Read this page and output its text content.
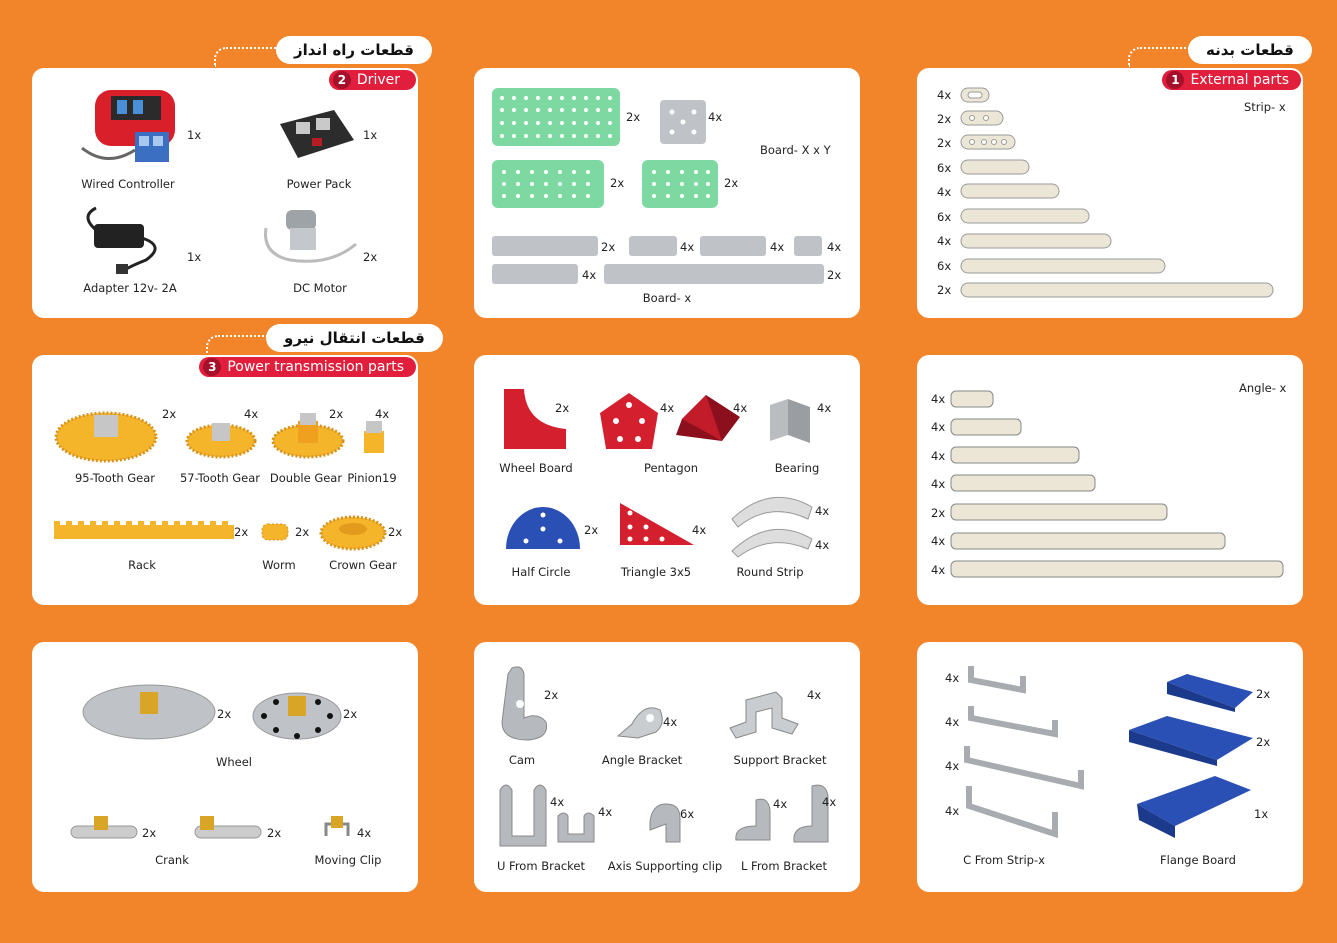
قطعات راه انداز	قطعات بدنه
قطعات انتقال نیرو
2 Driver
1x
Wired Controller
1x
Power Pack
1x
Adapter 12v- 2A
2x
DC Motor
2x	4x
Board- X x Y
2x	2x
2x	4x	4x	4x
4x	2x
Board- x
1 External parts
Strip- x
4x
2x
2x
6x
4x
6x
4x
6x
2x
3 Power transmission parts
2x
95-Tooth Gear
4x
57-Tooth Gear
2x
Double Gear
4x
Pinion19
2x
Rack
2x
Worm
2x
Crown Gear
2x
Wheel Board
4x	4x
Pentagon
4x
Bearing
2x
Half Circle
4x
Triangle 3x5
4x
4x
Round Strip
Angle- x
4x
4x
4x
4x
2x
4x
4x
2x	2x
Wheel
2x	2x
Crank
4x
Moving Clip
2x
Cam
4x
Angle Bracket
4x
Support Bracket
4x
4x
U From Bracket
6x
Axis Supporting clip
4x	4x
L From Bracket
4x
4x
4x
4x
C From Strip-x
2x
2x
1x
Flange Board
